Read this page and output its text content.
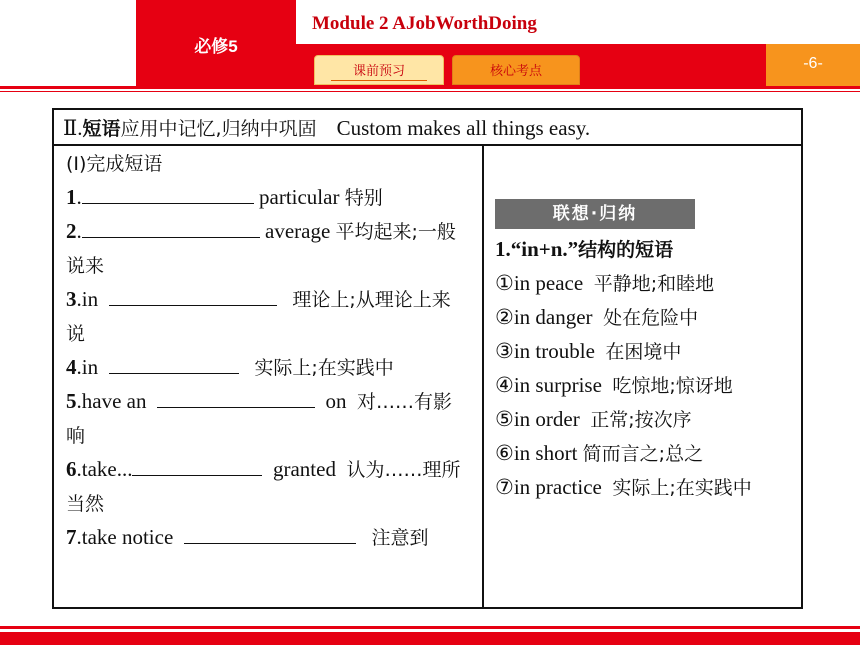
必修5
Module 2 AJobWorthDoing
-6-
课前预习	核心考点
Ⅱ.短语应用中记忆,归纳中巩固 Custom makes all things easy.
(Ⅰ)完成短语
1.	particular 特别
2.	average 平均起来;一般说来
3.in	理论上;从理论上来说
4.in	实际上;在实践中
5.have an	on 对……有影响
6.take...	granted 认为……理所当然
7.take notice	注意到
联想·归纳
1.“in+n.”结构的短语
①in peace 平静地;和睦地
②in danger 处在危险中
③in trouble 在困境中
④in surprise 吃惊地;惊讶地
⑤in order 正常;按次序
⑥in short 简而言之;总之
⑦in practice 实际上;在实践中
